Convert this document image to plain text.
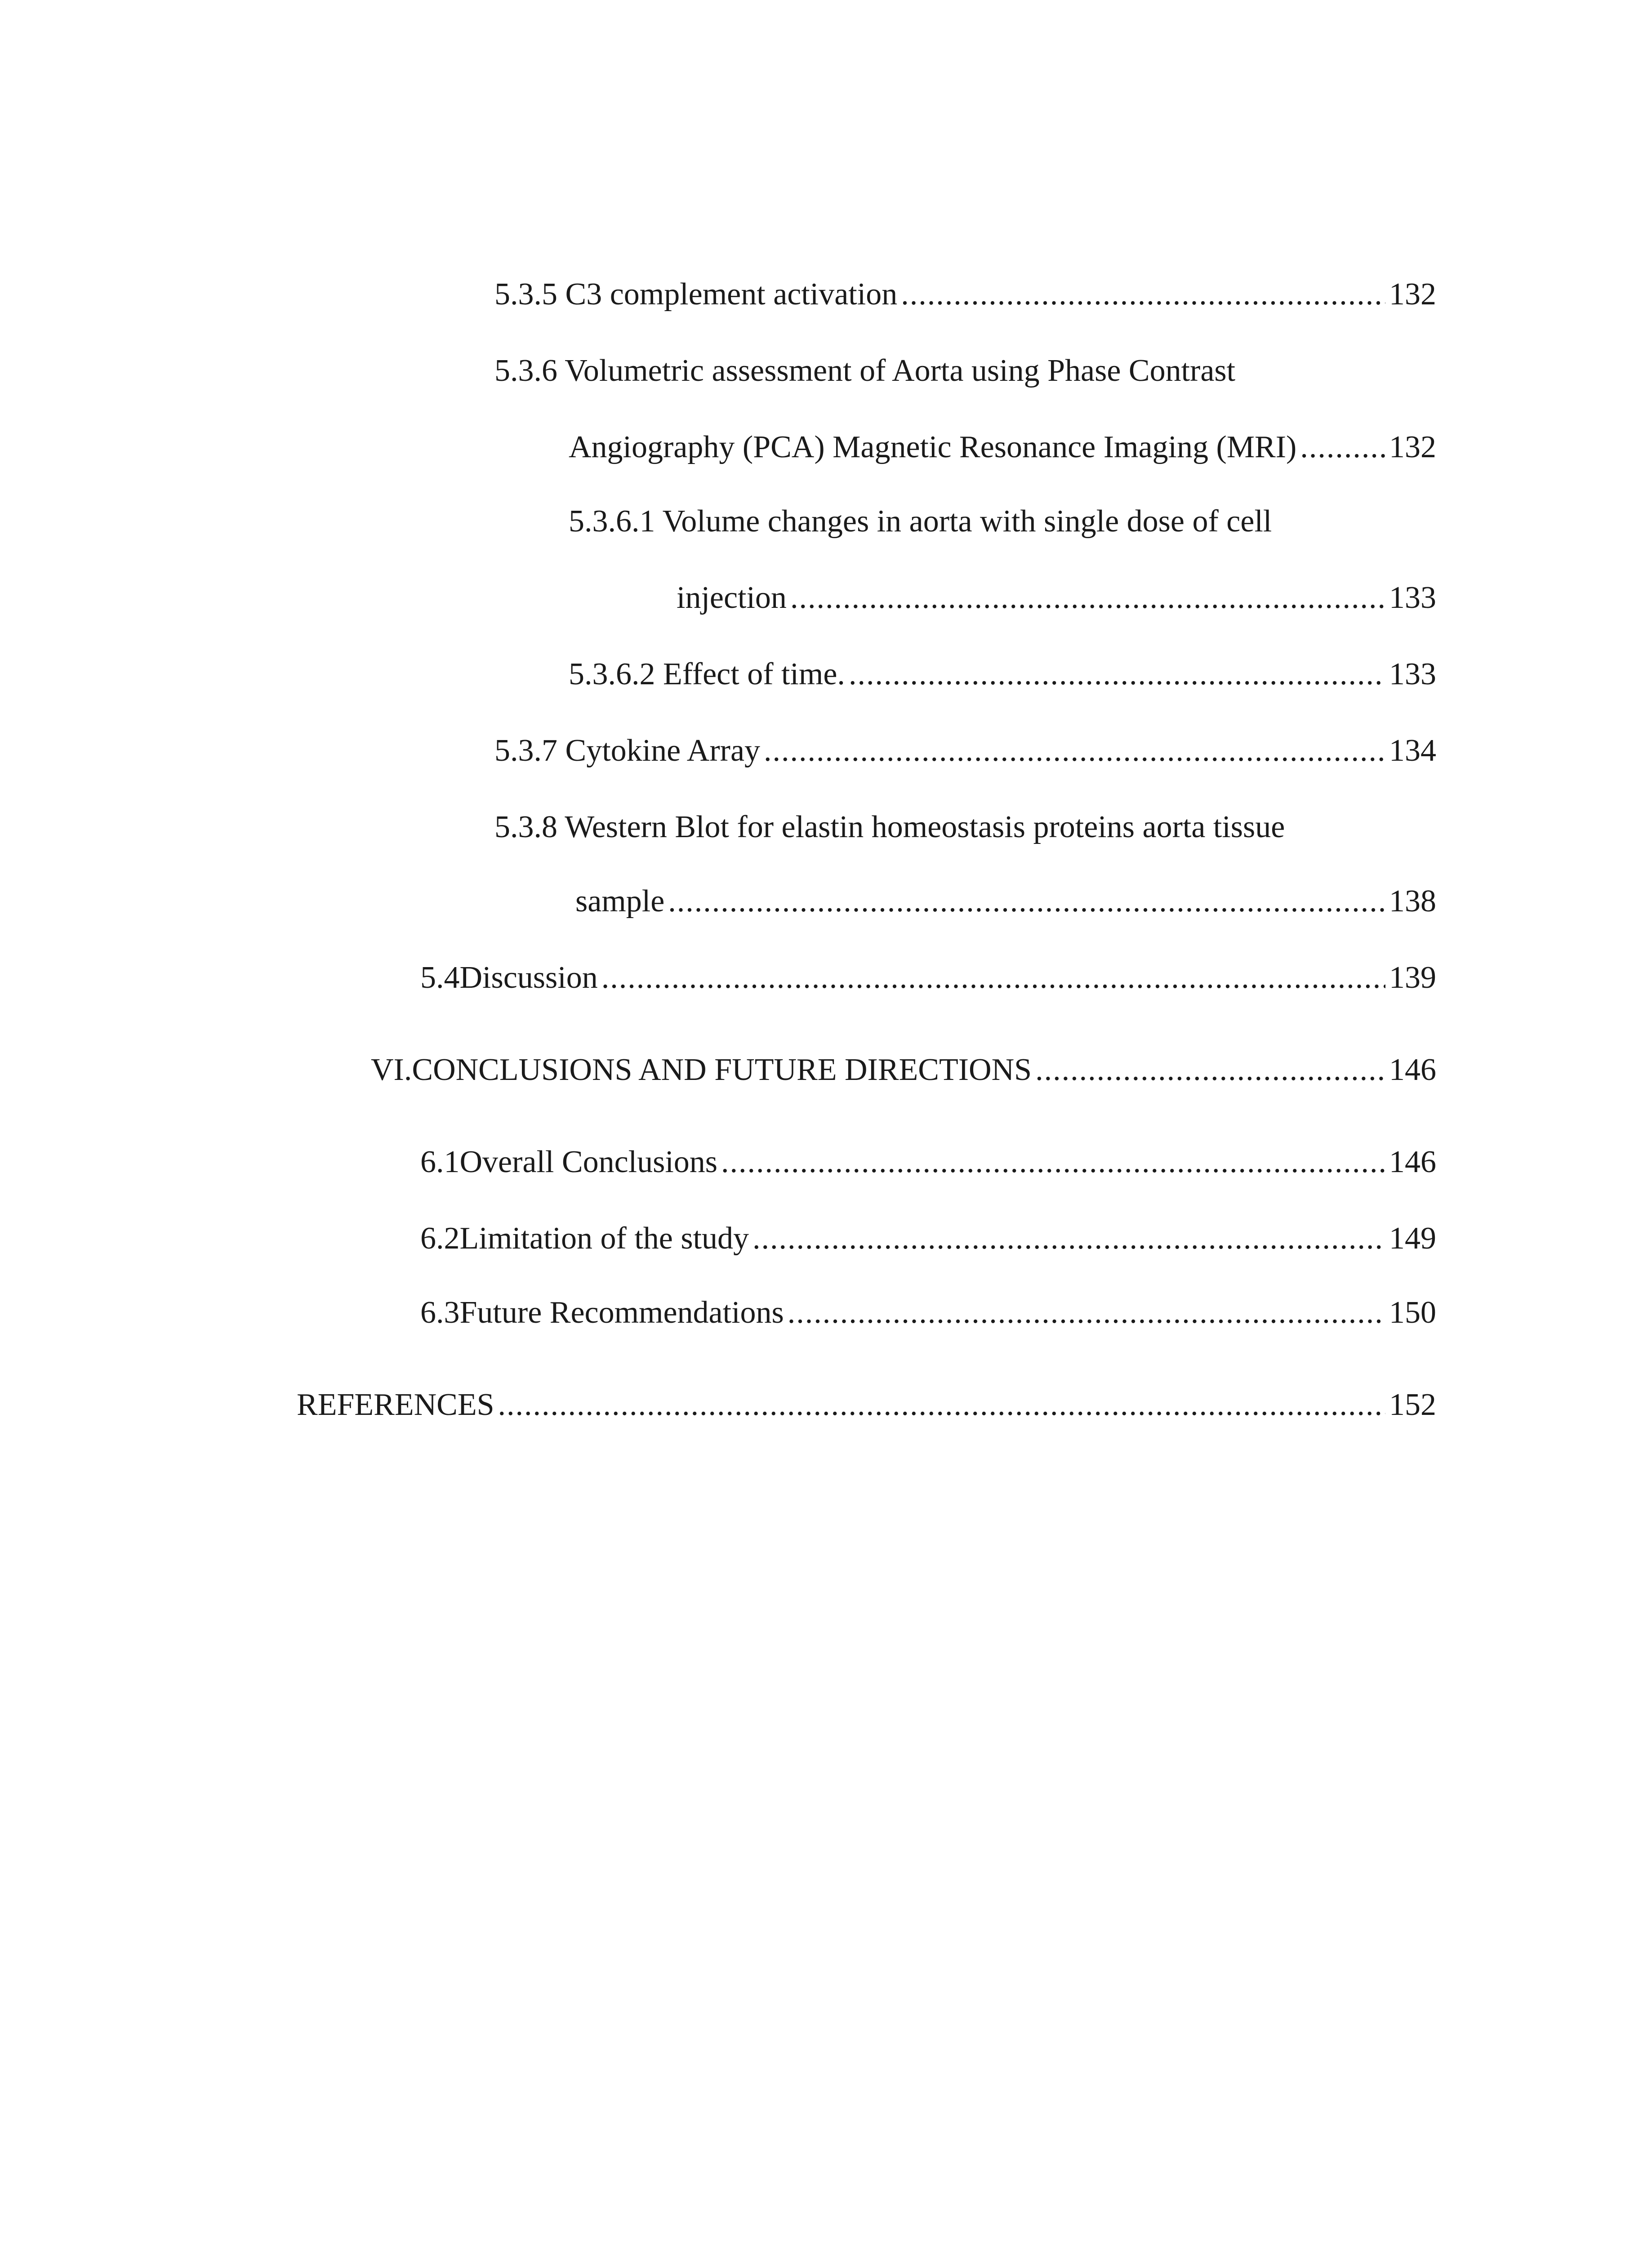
5.3.5 C3 complement activation .....	132
5.3.6 Volumetric assessment of Aorta using Phase Contrast
Angiography (PCA) Magnetic Resonance Imaging (MRI) .....	132
5.3.6.1 Volume changes in aorta with single dose of cell
injection .....	133
5.3.6.2 Effect of time. .....	133
5.3.7 Cytokine Array .....	134
5.3.8 Western Blot for elastin homeostasis proteins aorta tissue
sample .....	138
5.4 Discussion .....	139
VI. CONCLUSIONS AND FUTURE DIRECTIONS .....	146
6.1 Overall Conclusions .....	146
6.2 Limitation of the study .....	149
6.3 Future Recommendations .....	150
REFERENCES .....	152
